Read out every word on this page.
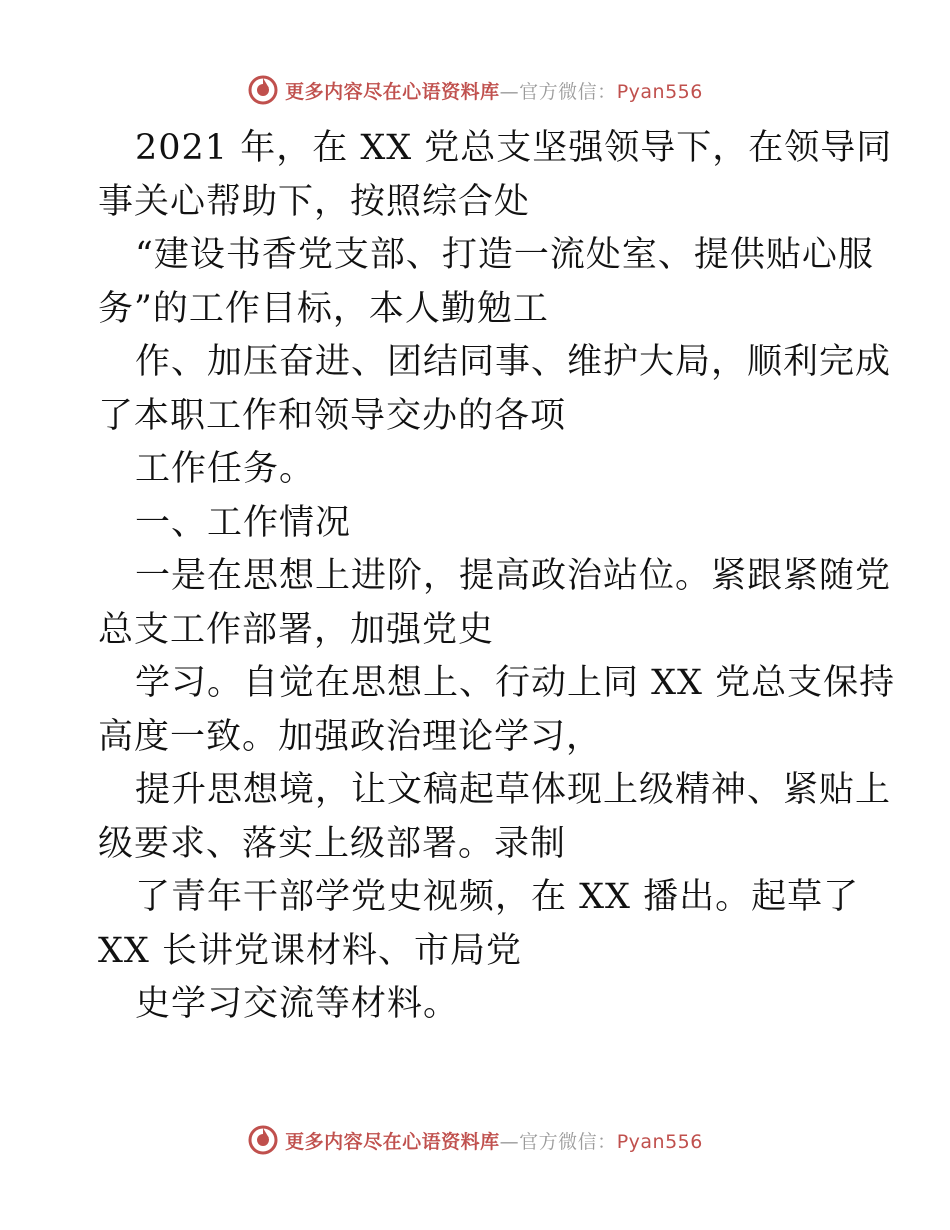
更多内容尽在心语资料库—官方微信：Pyan556
2021 年，在 XX 党总支坚强领导下，在领导同
事关心帮助下，按照综合处
“建设书香党支部、打造一流处室、提供贴心服
务”的工作目标，本人勤勉工
作、加压奋进、团结同事、维护大局，顺利完成
了本职工作和领导交办的各项
工作任务。
一、工作情况
一是在思想上进阶，提高政治站位。紧跟紧随党
总支工作部署，加强党史
学习。自觉在思想上、行动上同 XX 党总支保持
高度一致。加强政治理论学习，
提升思想境，让文稿起草体现上级精神、紧贴上
级要求、落实上级部署。录制
了青年干部学党史视频，在 XX 播出。起草了
XX 长讲党课材料、市局党
史学习交流等材料。
更多内容尽在心语资料库—官方微信：Pyan556
